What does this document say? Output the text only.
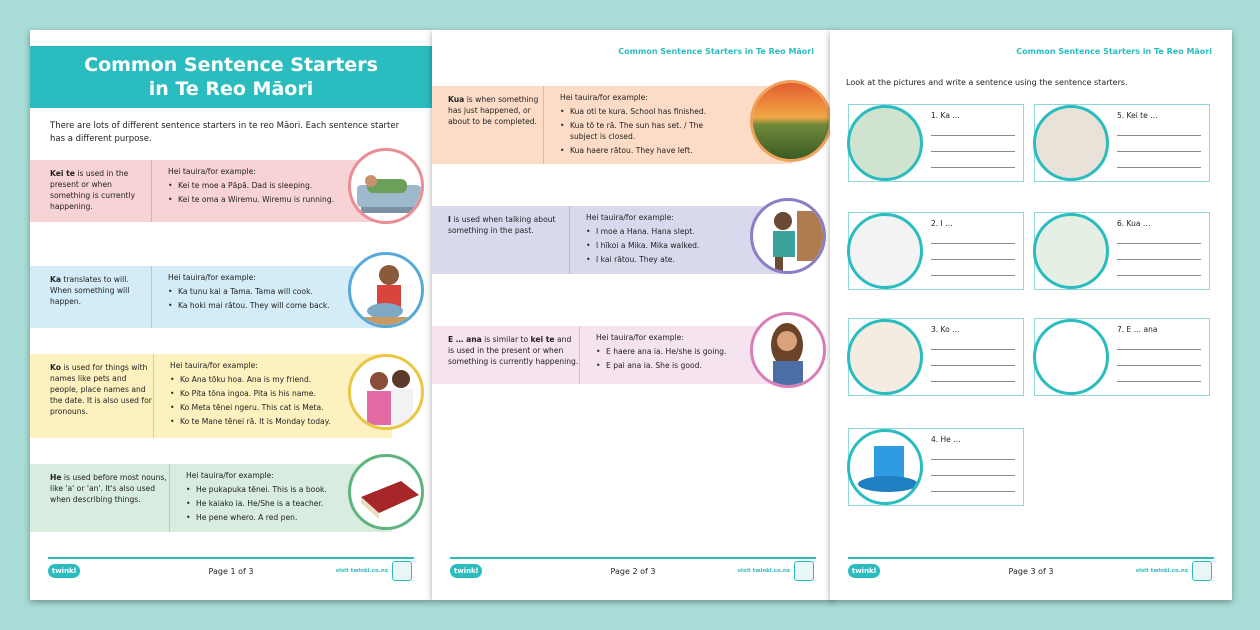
Common Sentence Starters
in Te Reo Māori
There are lots of different sentence starters in te reo Māori. Each sentence starter has a different purpose.
Kei te is used in the present or when something is currently happening.
Hei tauira/for example:
• Kei te moe a Pāpā. Dad is sleeping.
• Kei te oma a Wiremu. Wiremu is running.
Ka translates to will. When something will happen.
Hei tauira/for example:
• Ka tunu kai a Tama. Tama will cook.
• Ka hoki mai rātou. They will come back.
Ko is used for things with names like pets and people, place names and the date. It is also used for pronouns.
Hei tauira/for example:
• Ko Ana tōku hoa. Ana is my friend.
• Ko Pita tōna ingoa. Pita is his name.
• Ko Meta tēnei ngeru. This cat is Meta.
• Ko te Mane tēnei rā. It is Monday today.
He is used before most nouns, like 'a' or 'an'. It's also used when describing things.
Hei tauira/for example:
• He pukapuka tēnei. This is a book.
• He kaiako ia. He/She is a teacher.
• He pene whero. A red pen.
twinkl	Page 1 of 3	visit twinkl.co.nz
Common Sentence Starters in Te Reo Māori
Kua is when something has just happened, or about to be completed.
Hei tauira/for example:
• Kua oti te kura. School has finished.
• Kua tō te rā. The sun has set. / The subject is closed.
• Kua haere rātou. They have left.
I is used when talking about something in the past.
Hei tauira/for example:
• I moe a Hana. Hana slept.
• I hīkoi a Mika. Mika walked.
• I kai rātou. They ate.
E … ana is similar to kei te and is used in the present or when something is currently happening.
Hei tauira/for example:
• E haere ana ia. He/she is going.
• E pai ana ia. She is good.
twinkl	Page 2 of 3	visit twinkl.co.nz
Common Sentence Starters in Te Reo Māori
Look at the pictures and write a sentence using the sentence starters.
1. Ka …
2. I …
3. Ko …
4. He …
5. Kei te …
6. Kua …
7. E … ana
twinkl	Page 3 of 3	visit twinkl.co.nz
